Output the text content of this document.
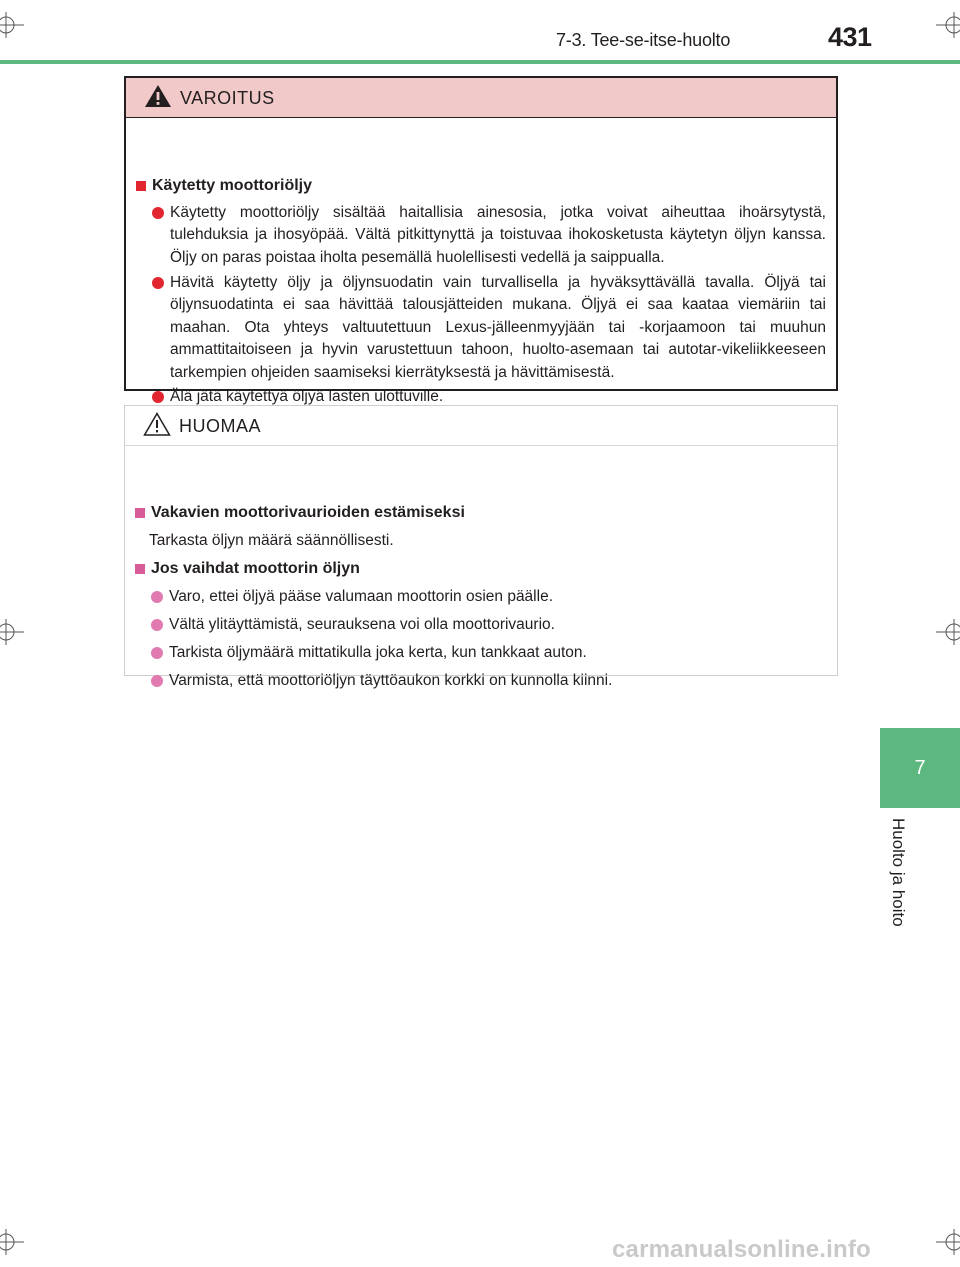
7-3. Tee-se-itse-huolto	431
7
Huolto ja hoito
VAROITUS
Käytetty moottoriöljy
Käytetty moottoriöljy sisältää haitallisia ainesosia, jotka voivat aiheuttaa ihoärsytystä, tulehduksia ja ihosyöpää. Vältä pitkittynyttä ja toistuvaa ihokosketusta käytetyn öljyn kanssa. Öljy on paras poistaa iholta pesemällä huolellisesti vedellä ja saippualla.
Hävitä käytetty öljy ja öljynsuodatin vain turvallisella ja hyväksyttävällä tavalla. Öljyä tai öljynsuodatinta ei saa hävittää talousjätteiden mukana. Öljyä ei saa kaataa viemäriin tai maahan. Ota yhteys valtuutettuun Lexus-jälleenmyyjään tai -korjaamoon tai muuhun ammattitaitoiseen ja hyvin varustettuun tahoon, huolto-asemaan tai autotar-vikeliikkeeseen tarkempien ohjeiden saamiseksi kierrätyksestä ja hävittämisestä.
Älä jätä käytettyä öljyä lasten ulottuville.
HUOMAA
Vakavien moottorivaurioiden estämiseksi
Tarkasta öljyn määrä säännöllisesti.
Jos vaihdat moottorin öljyn
Varo, ettei öljyä pääse valumaan moottorin osien päälle.
Vältä ylitäyttämistä, seurauksena voi olla moottorivaurio.
Tarkista öljymäärä mittatikulla joka kerta, kun tankkaat auton.
Varmista, että moottoriöljyn täyttöaukon korkki on kunnolla kiinni.
carmanualsonline.info
